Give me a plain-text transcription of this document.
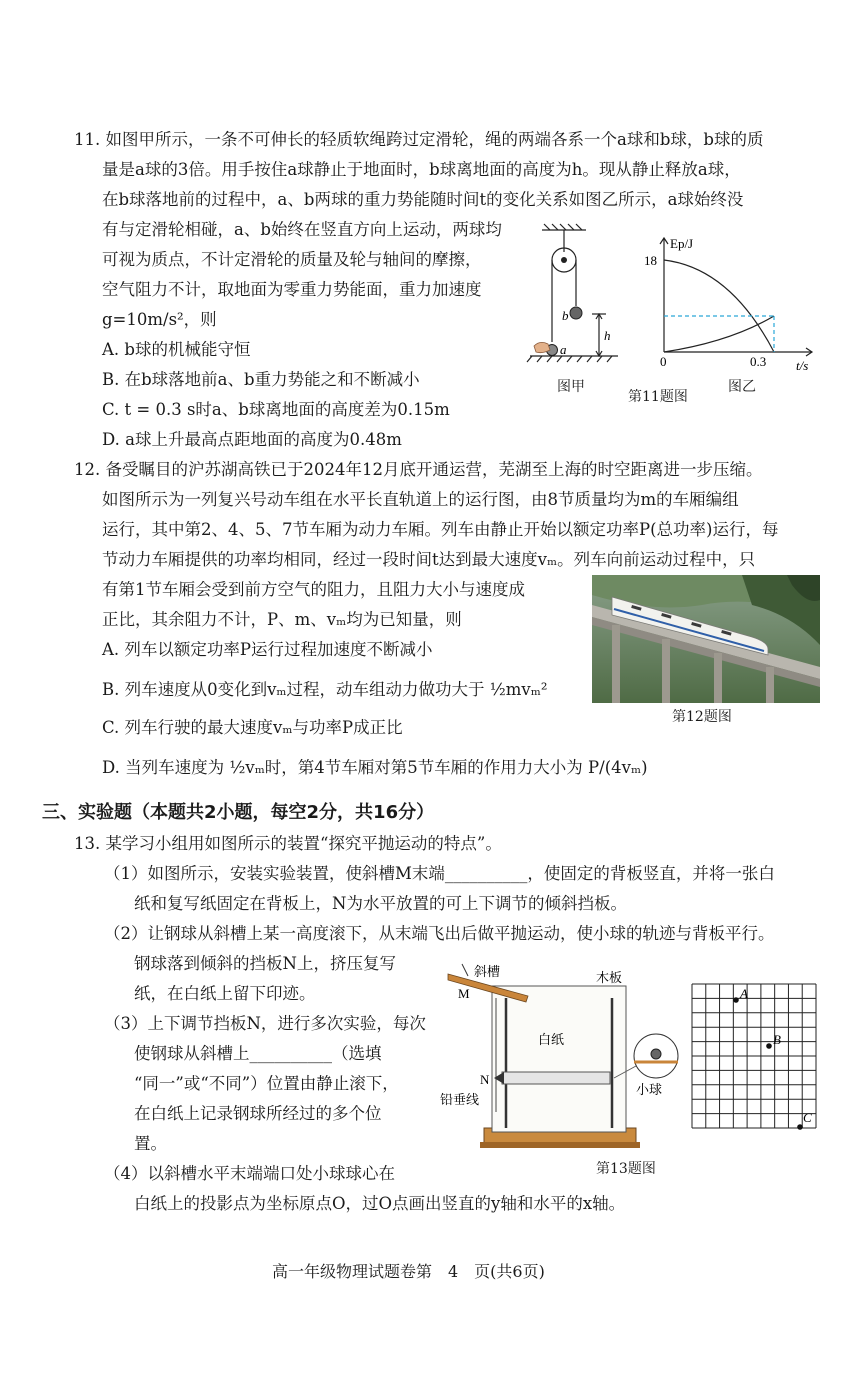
11. 如图甲所示，一条不可伸长的轻质软绳跨过定滑轮，绳的两端各系一个a球和b球，b球的质
量是a球的3倍。用手按住a球静止于地面时，b球离地面的高度为h。现从静止释放a球，
在b球落地前的过程中，a、b两球的重力势能随时间t的变化关系如图乙所示，a球始终没
有与定滑轮相碰，a、b始终在竖直方向上运动，两球均
可视为质点，不计定滑轮的质量及轮与轴间的摩擦，
空气阻力不计，取地面为零重力势能面，重力加速度
g=10m/s²，则
A. b球的机械能守恒
B. 在b球落地前a、b重力势能之和不断减小
C. t = 0.3 s时a、b球离地面的高度差为0.15m
D. a球上升最高点距地面的高度为0.48m
b
a
h
图甲
第11题图
图乙
Ep/J
18
0	0.3 t/s
12. 备受瞩目的沪苏湖高铁已于2024年12月底开通运营，芜湖至上海的时空距离进一步压缩。
如图所示为一列复兴号动车组在水平长直轨道上的运行图，由8节质量均为m的车厢编组
运行，其中第2、4、5、7节车厢为动力车厢。列车由静止开始以额定功率P(总功率)运行，每
节动力车厢提供的功率均相同，经过一段时间t达到最大速度vₘ。列车向前运动过程中，只
有第1节车厢会受到前方空气的阻力，且阻力大小与速度成
正比，其余阻力不计，P、m、vₘ均为已知量，则
A. 列车以额定功率P运行过程加速度不断减小
B. 列车速度从0变化到vₘ过程，动车组动力做功大于 ½mvₘ²
C. 列车行驶的最大速度vₘ与功率P成正比
D. 当列车速度为 ½vₘ时，第4节车厢对第5节车厢的作用力大小为 P/(4vₘ)
第12题图
三、实验题（本题共2小题，每空2分，共16分）
13. 某学习小组用如图所示的装置“探究平抛运动的特点”。
（1）如图所示，安装实验装置，使斜槽M末端__________，使固定的背板竖直，并将一张白
纸和复写纸固定在背板上，N为水平放置的可上下调节的倾斜挡板。
（2）让钢球从斜槽上某一高度滚下，从末端飞出后做平抛运动，使小球的轨迹与背板平行。
钢球落到倾斜的挡板N上，挤压复写
纸，在白纸上留下印迹。
（3）上下调节挡板N，进行多次实验，每次
使钢球从斜槽上__________（选填
“同一”或“不同”）位置由静止滚下，
在白纸上记录钢球所经过的多个位
置。
（4）以斜槽水平末端端口处小球球心在
白纸上的投影点为坐标原点O，过O点画出竖直的y轴和水平的x轴。
斜槽	木板
M
白纸
N
铅垂线
小球
第13题图
A
B
C
高一年级物理试题卷第　4　页(共6页)
